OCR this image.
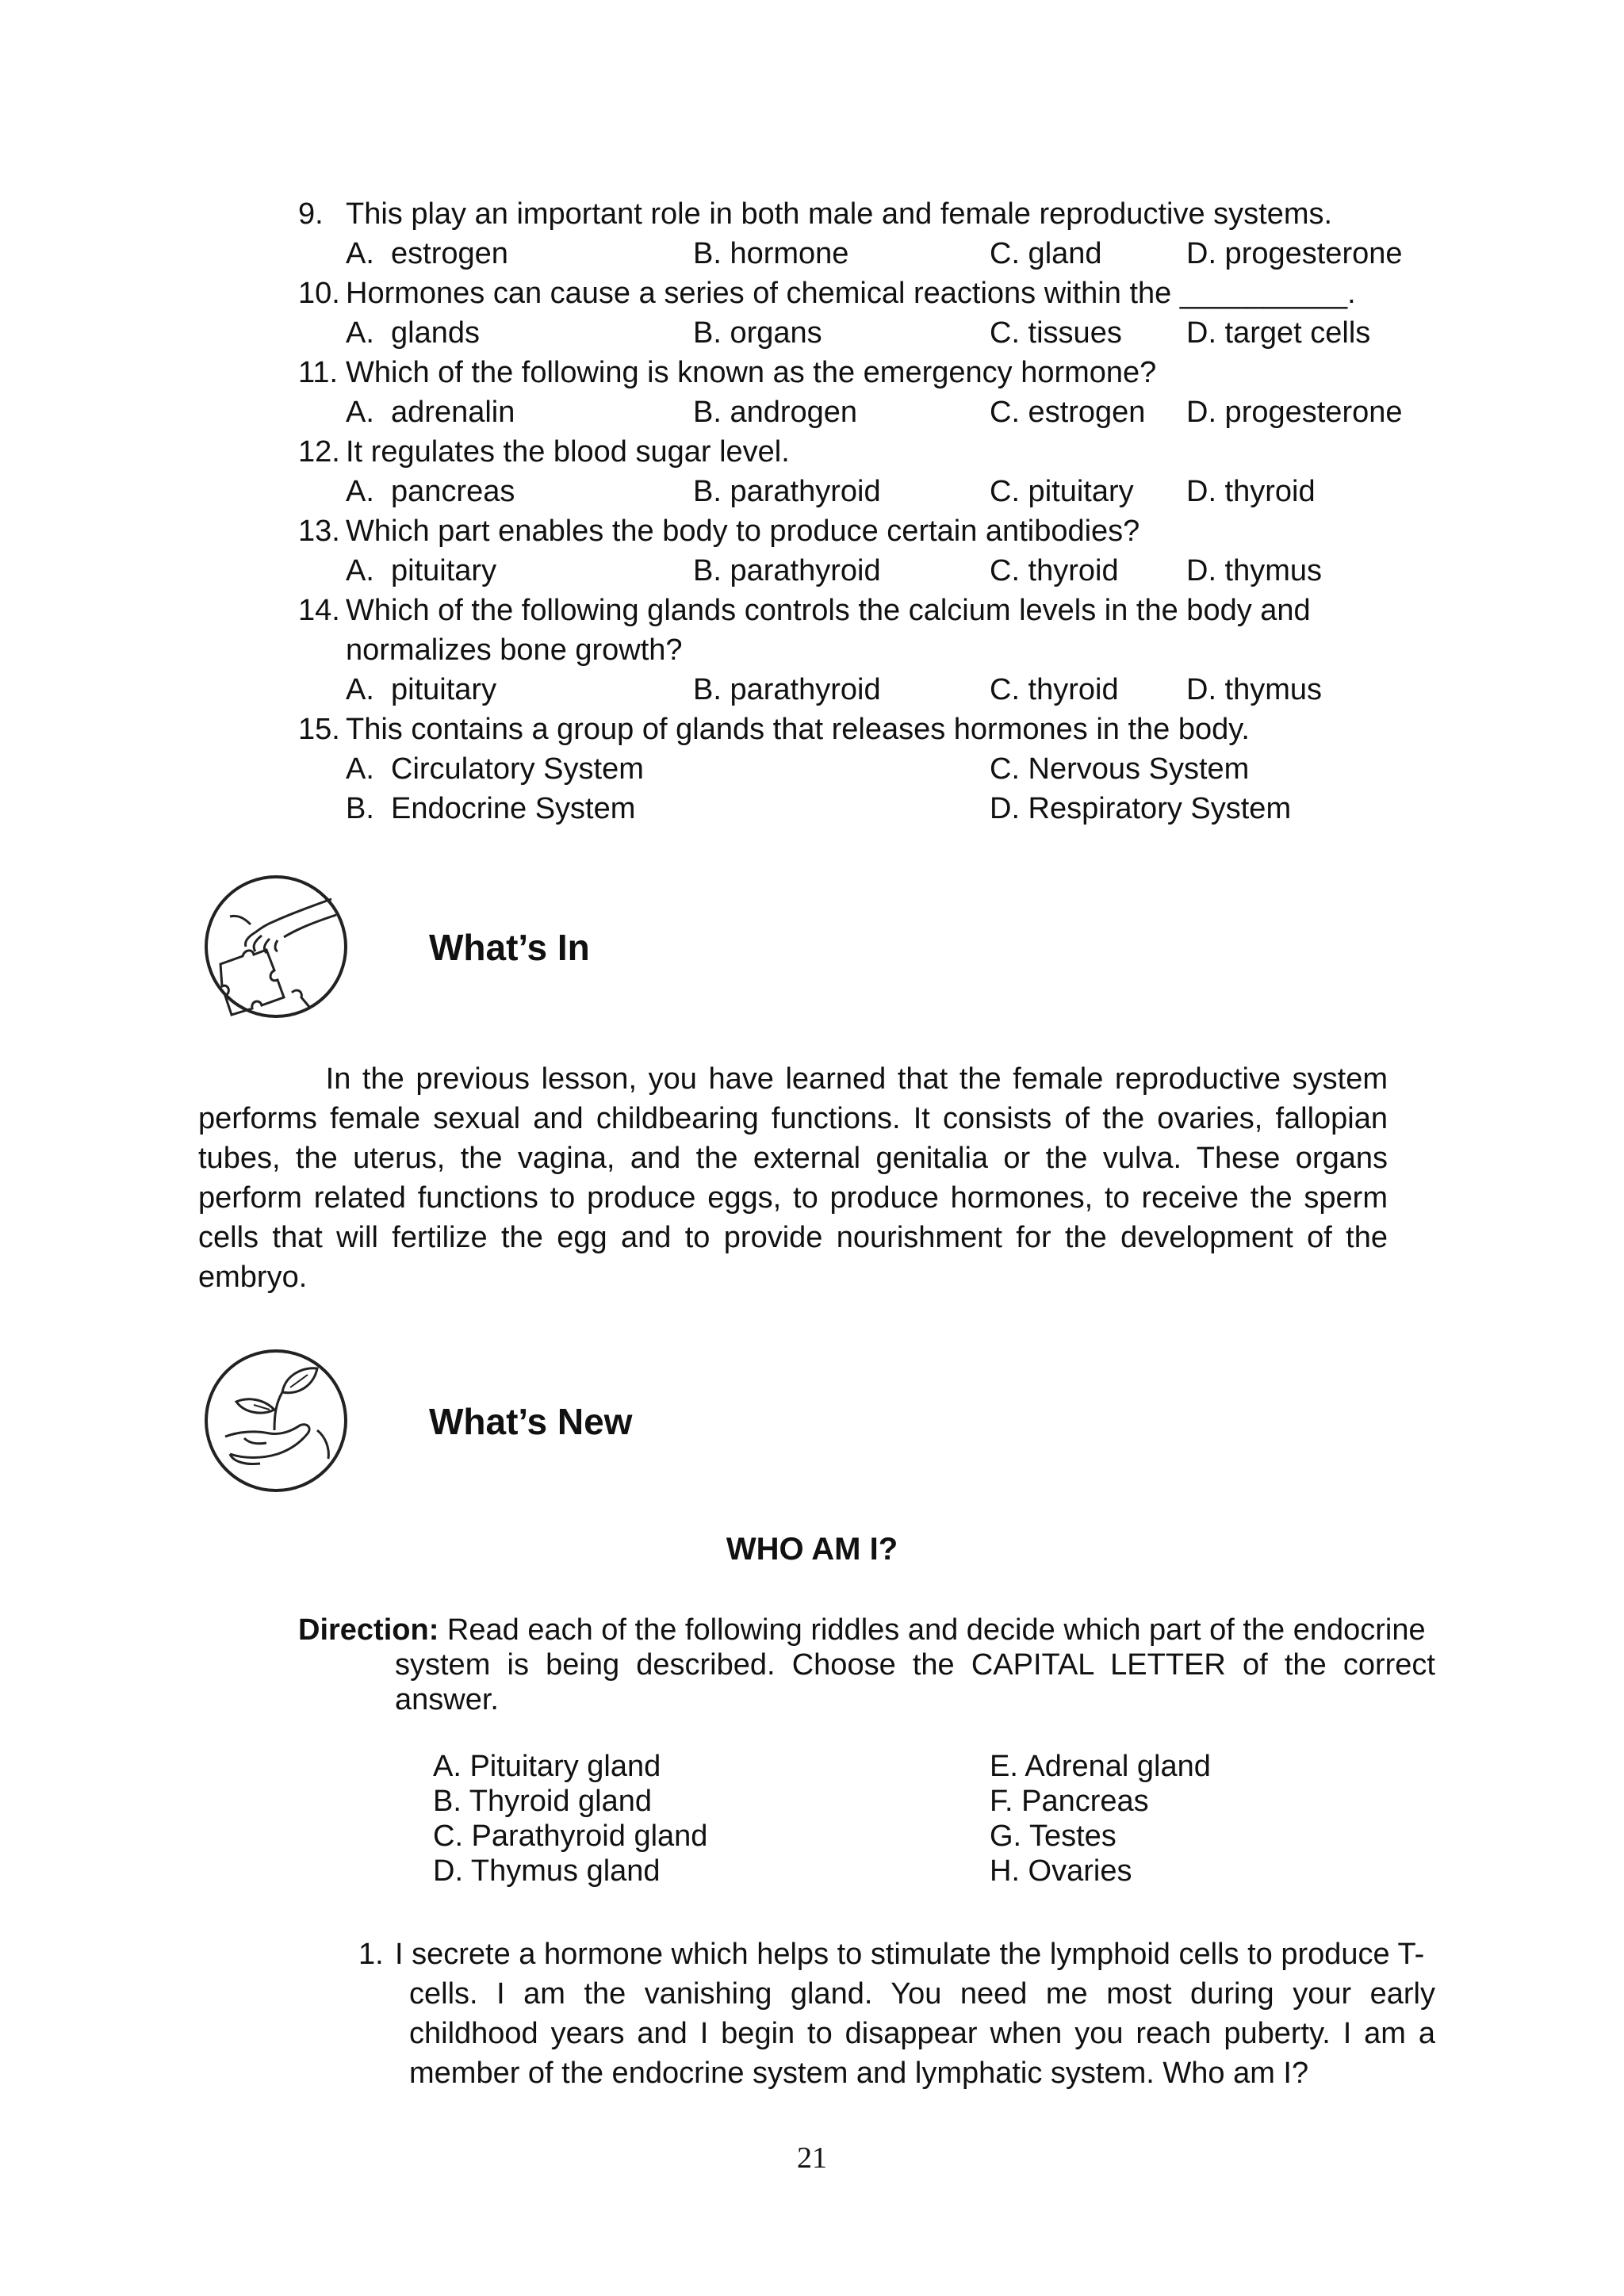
9. This play an important role in both male and female reproductive systems.
A.  estrogen	B. hormone	C. gland	D. progesterone
10. Hormones can cause a series of chemical reactions within the __________.
A.  glands	B. organs	C. tissues D. target cells
11. Which of the following is known as the emergency hormone?
A.  adrenalin	B. androgen	C. estrogen D. progesterone
12. It regulates the blood sugar level.
A.  pancreas	B. parathyroid	C. pituitary D. thyroid
13. Which part enables the body to produce certain antibodies?
A.  pituitary	B. parathyroid	C. thyroid D. thymus
14. Which of the following glands controls the calcium levels in the body and
normalizes bone growth?
A.  pituitary	B. parathyroid	C. thyroid D. thymus
15. This contains a group of glands that releases hormones in the body.
A.  Circulatory System	C. Nervous System
B.  Endocrine System	D. Respiratory System
What’s In
In the previous lesson, you have learned that the female reproductive system performs female sexual and childbearing functions. It consists of the ovaries, fallopian tubes, the uterus, the vagina, and the external genitalia or the vulva. These organs perform related functions to produce eggs, to produce hormones, to receive the sperm cells that will fertilize the egg and to provide nourishment for the development of the embryo.
What’s New
WHO AM I?
Direction: Read each of the following riddles and decide which part of the endocrine
system is being described. Choose the CAPITAL LETTER of the correct answer.
A. Pituitary gland
B. Thyroid gland
C. Parathyroid gland
D. Thymus gland
E. Adrenal gland
F. Pancreas
G. Testes
H. Ovaries
1. I secrete a hormone which helps to stimulate the lymphoid cells to produce T-
cells. I am the vanishing gland. You need me most during your early childhood years and I begin to disappear when you reach puberty. I am a member of the endocrine system and lymphatic system. Who am I?
21
